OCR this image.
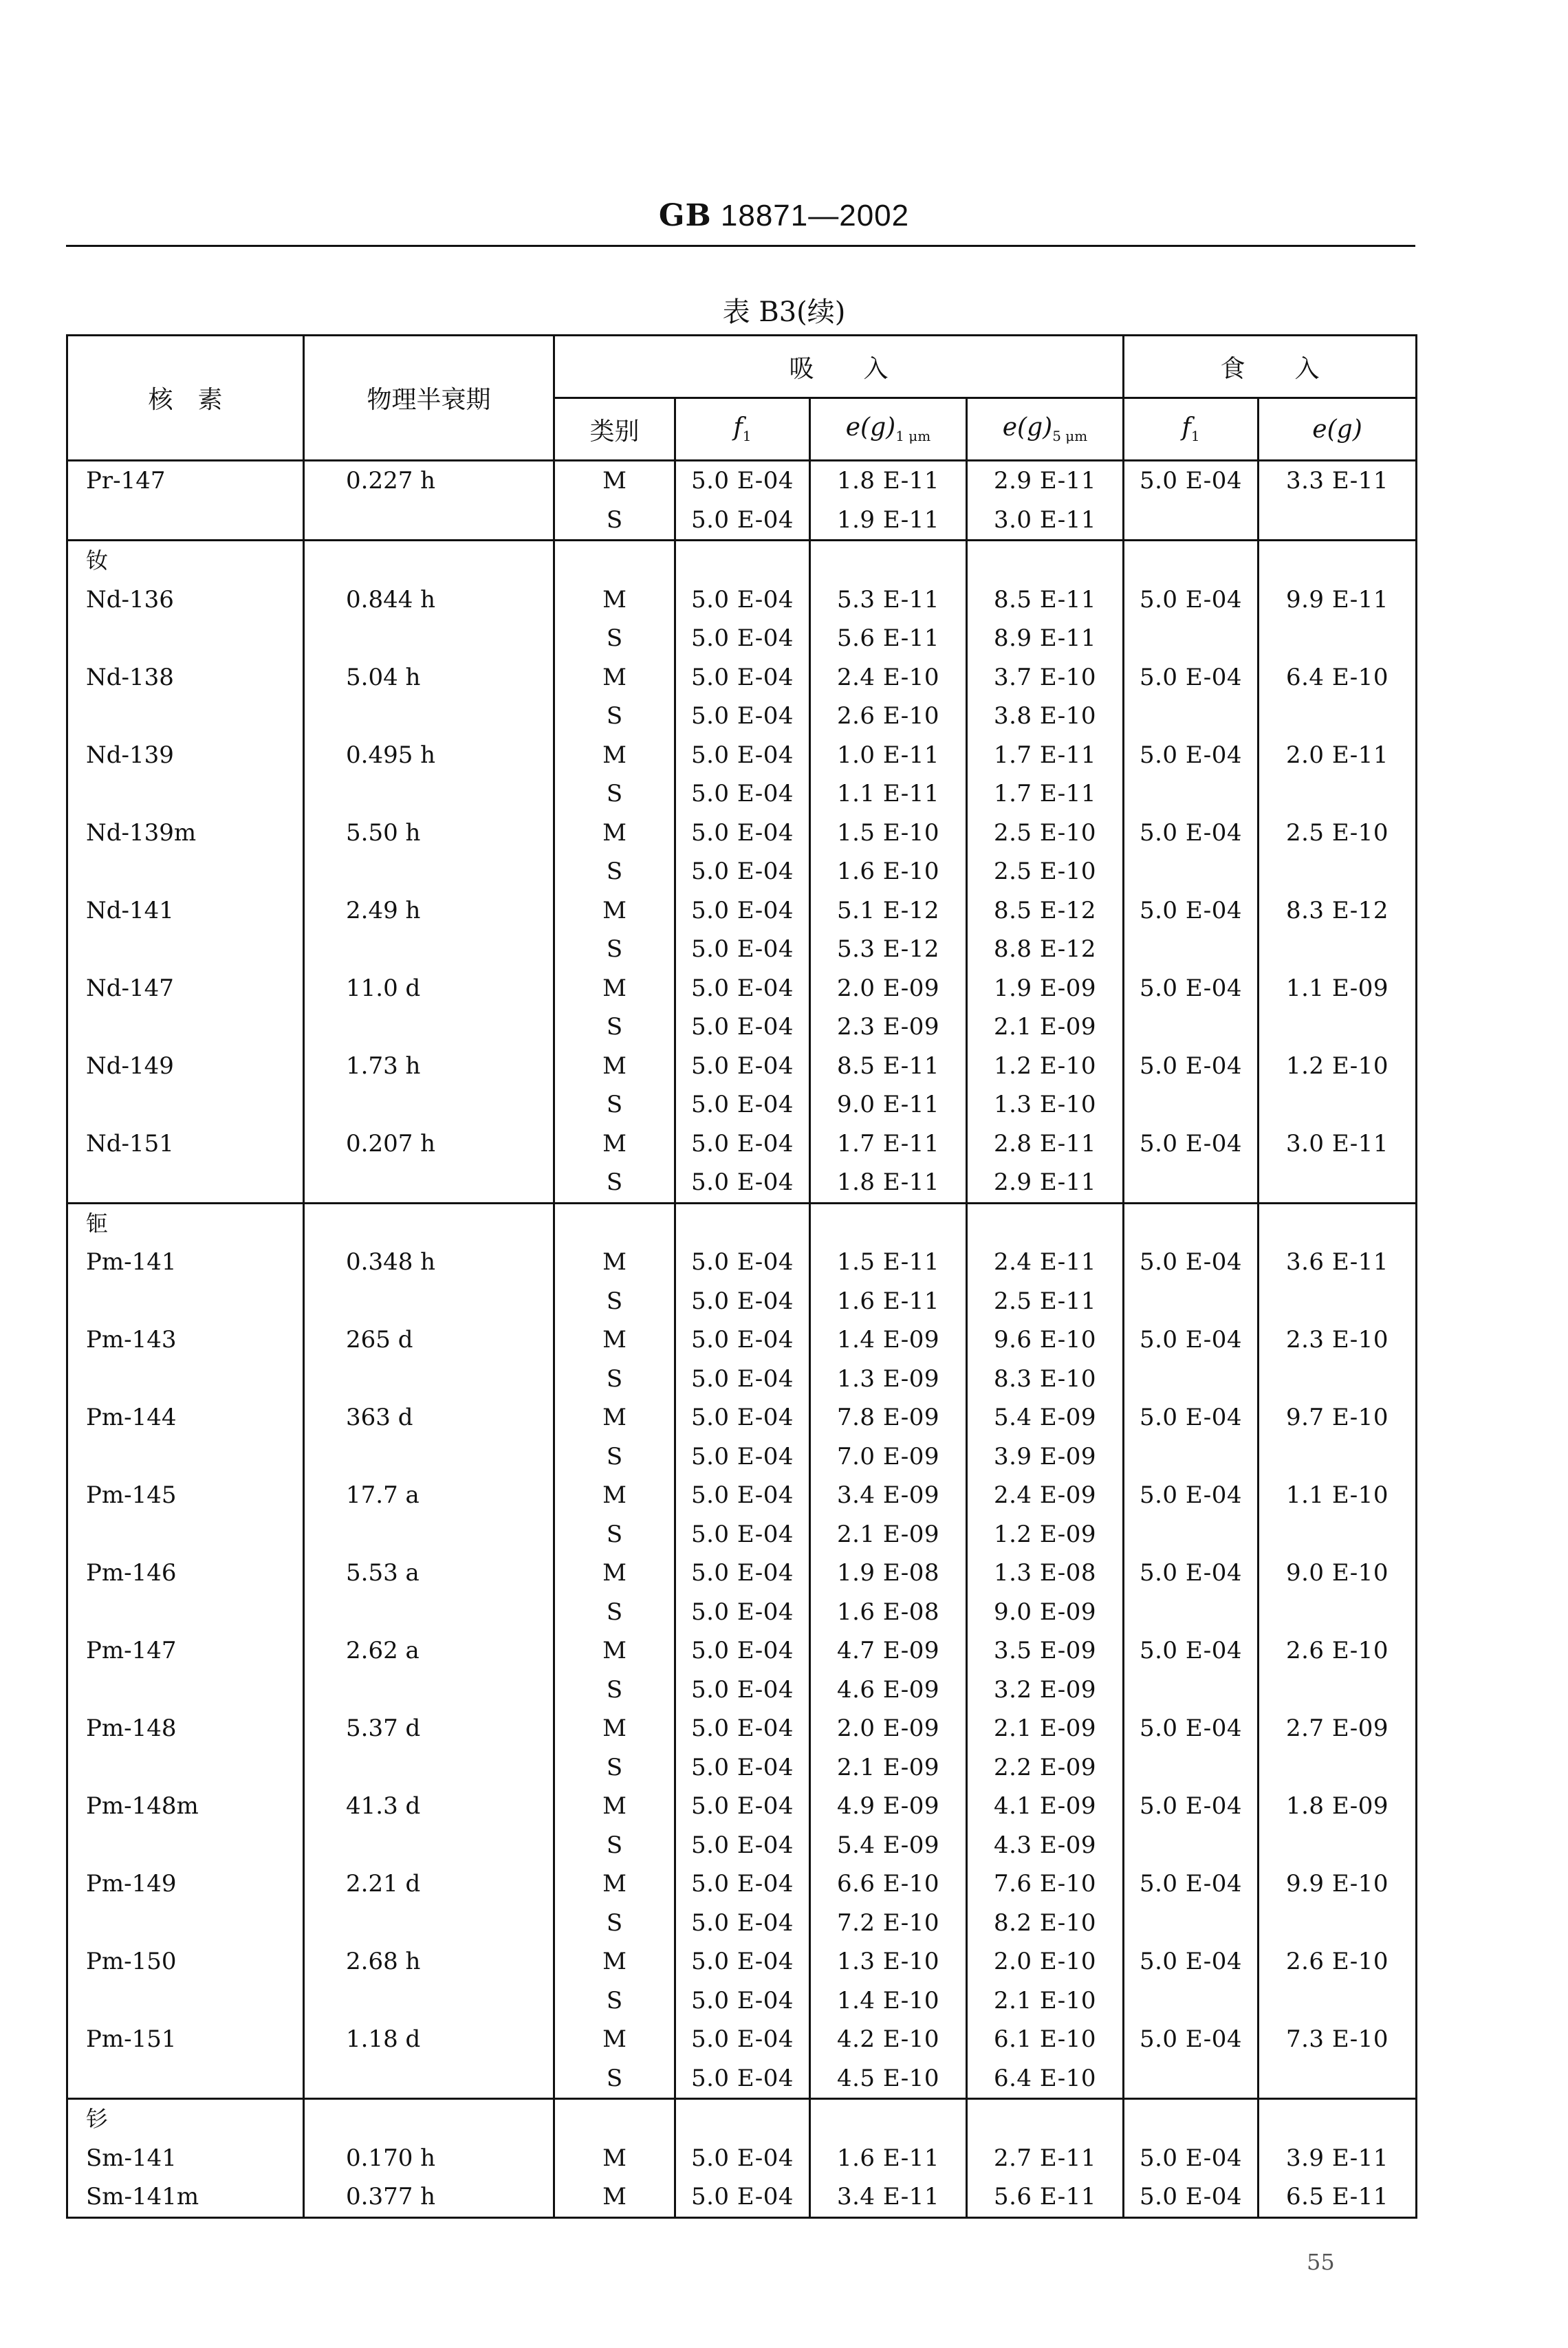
GB 18871—2002
表 B3(续)
核　素	物理半衰期	吸　　入				食　　入	
		类别	$f_1$	$e(g)_{1 \mu m}$	$e(g)_{5 \mu m}$	$f_1$	e(g)
Pr-147	0.227 h	M	5.0 E-04	1.8 E-11	2.9 E-11	5.0 E-04	3.3 E-11
		S	5.0 E-04	1.9 E-11	3.0 E-11		
钕							
Nd-136	0.844 h	M	5.0 E-04	5.3 E-11	8.5 E-11	5.0 E-04	9.9 E-11
		S	5.0 E-04	5.6 E-11	8.9 E-11		
Nd-138	5.04 h	M	5.0 E-04	2.4 E-10	3.7 E-10	5.0 E-04	6.4 E-10
		S	5.0 E-04	2.6 E-10	3.8 E-10		
Nd-139	0.495 h	M	5.0 E-04	1.0 E-11	1.7 E-11	5.0 E-04	2.0 E-11
		S	5.0 E-04	1.1 E-11	1.7 E-11		
Nd-139m	5.50 h	M	5.0 E-04	1.5 E-10	2.5 E-10	5.0 E-04	2.5 E-10
		S	5.0 E-04	1.6 E-10	2.5 E-10		
Nd-141	2.49 h	M	5.0 E-04	5.1 E-12	8.5 E-12	5.0 E-04	8.3 E-12
		S	5.0 E-04	5.3 E-12	8.8 E-12		
Nd-147	11.0 d	M	5.0 E-04	2.0 E-09	1.9 E-09	5.0 E-04	1.1 E-09
		S	5.0 E-04	2.3 E-09	2.1 E-09		
Nd-149	1.73 h	M	5.0 E-04	8.5 E-11	1.2 E-10	5.0 E-04	1.2 E-10
		S	5.0 E-04	9.0 E-11	1.3 E-10		
Nd-151	0.207 h	M	5.0 E-04	1.7 E-11	2.8 E-11	5.0 E-04	3.0 E-11
		S	5.0 E-04	1.8 E-11	2.9 E-11		
钷							
Pm-141	0.348 h	M	5.0 E-04	1.5 E-11	2.4 E-11	5.0 E-04	3.6 E-11
		S	5.0 E-04	1.6 E-11	2.5 E-11		
Pm-143	265 d	M	5.0 E-04	1.4 E-09	9.6 E-10	5.0 E-04	2.3 E-10
		S	5.0 E-04	1.3 E-09	8.3 E-10		
Pm-144	363 d	M	5.0 E-04	7.8 E-09	5.4 E-09	5.0 E-04	9.7 E-10
		S	5.0 E-04	7.0 E-09	3.9 E-09		
Pm-145	17.7 a	M	5.0 E-04	3.4 E-09	2.4 E-09	5.0 E-04	1.1 E-10
		S	5.0 E-04	2.1 E-09	1.2 E-09		
Pm-146	5.53 a	M	5.0 E-04	1.9 E-08	1.3 E-08	5.0 E-04	9.0 E-10
		S	5.0 E-04	1.6 E-08	9.0 E-09		
Pm-147	2.62 a	M	5.0 E-04	4.7 E-09	3.5 E-09	5.0 E-04	2.6 E-10
		S	5.0 E-04	4.6 E-09	3.2 E-09		
Pm-148	5.37 d	M	5.0 E-04	2.0 E-09	2.1 E-09	5.0 E-04	2.7 E-09
		S	5.0 E-04	2.1 E-09	2.2 E-09		
Pm-148m	41.3 d	M	5.0 E-04	4.9 E-09	4.1 E-09	5.0 E-04	1.8 E-09
		S	5.0 E-04	5.4 E-09	4.3 E-09		
Pm-149	2.21 d	M	5.0 E-04	6.6 E-10	7.6 E-10	5.0 E-04	9.9 E-10
		S	5.0 E-04	7.2 E-10	8.2 E-10		
Pm-150	2.68 h	M	5.0 E-04	1.3 E-10	2.0 E-10	5.0 E-04	2.6 E-10
		S	5.0 E-04	1.4 E-10	2.1 E-10		
Pm-151	1.18 d	M	5.0 E-04	4.2 E-10	6.1 E-10	5.0 E-04	7.3 E-10
		S	5.0 E-04	4.5 E-10	6.4 E-10		
钐							
Sm-141	0.170 h	M	5.0 E-04	1.6 E-11	2.7 E-11	5.0 E-04	3.9 E-11
Sm-141m	0.377 h	M	5.0 E-04	3.4 E-11	5.6 E-11	5.0 E-04	6.5 E-11
55
